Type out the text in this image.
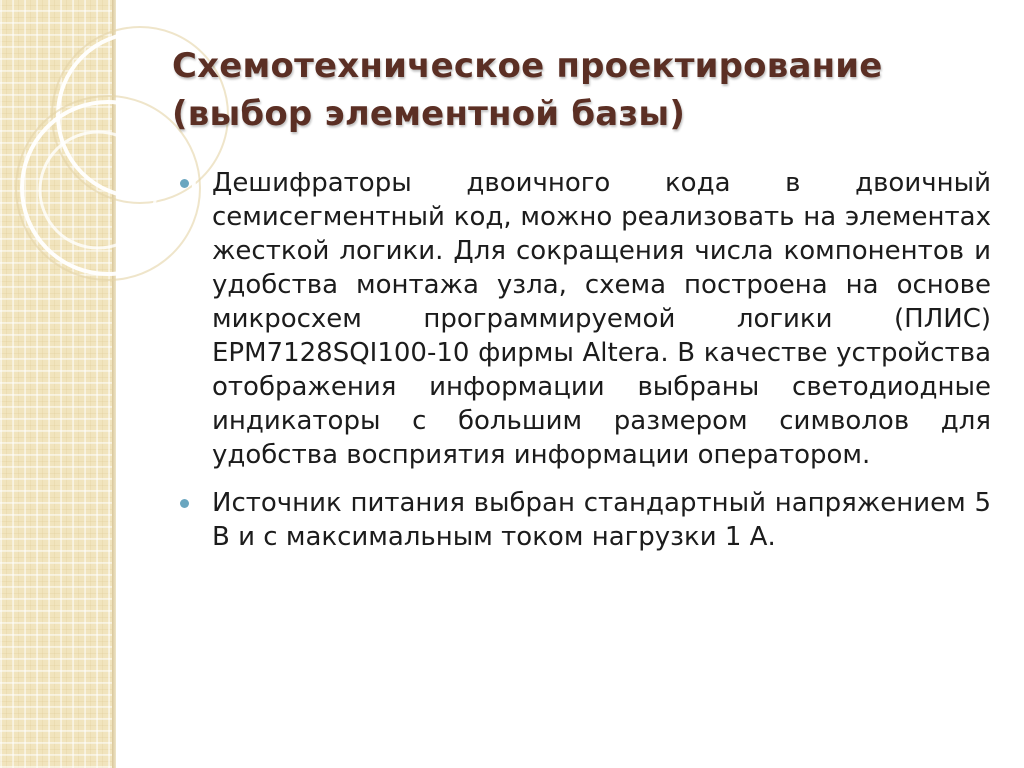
Схемотехническое проектирование
(выбор элементной базы)
Дешифраторы двоичного кода в двоичный семисегментный код, можно реализовать на элементах жесткой логики. Для сокращения числа компонентов и удобства монтажа узла, схема построена на основе микросхем программируемой логики (ПЛИС) EPM7128SQI100-10 фирмы Altera. В качестве устройства отображения информации выбраны светодиодные индикаторы с большим размером символов для удобства восприятия информации оператором.
Источник питания выбран стандартный напряжением 5 В и с максимальным током нагрузки 1 А.
